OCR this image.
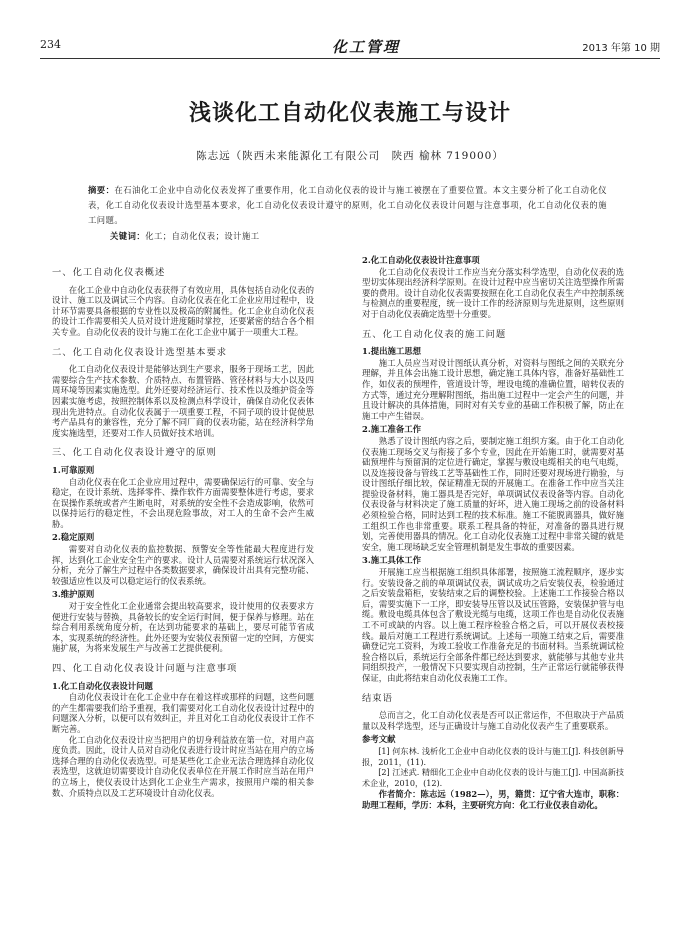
234	化工管理	2013 年第 10 期
浅谈化工自动化仪表施工与设计
陈志远（陕西未来能源化工有限公司　陕西 榆林 719000）
摘要：在石油化工企业中自动化仪表发挥了重要作用，化工自动化仪表的设计与施工被摆在了重要位置。本文主要分析了化工自动化仪表，化工自动化仪表设计选型基本要求，化工自动化仪表设计遵守的原则，化工自动化仪表设计问题与注意事项，化工自动化仪表的施工问题。
关键词：化工；自动化仪表；设计施工
一、化工自动化仪表概述

在化工企业中自动化仪表获得了有效应用，具体包括自动化仪表的设计、施工以及调试三个内容。自动化仪表在化工企业应用过程中，设计环节需要具备根据的专业性以及极高的附属性。化工企业自动化仪表的设计工作需要相关人员对设计进度随时掌控，还要紧密的结合各个相关专业。自动化仪表的设计与施工在化工企业中属于一项重大工程。

二、化工自动化仪表设计选型基本要求

化工自动化仪表设计是能够达到生产要求，服务于现场工艺，因此需要综合生产技术参数、介质特点、布置管路、管径材料与大小以及四周环境等因素实施选型。此外还要对经济运行、技术性以及维护资金等因素实施考虑，按照控制体系以及检测点科学设计，确保自动化仪表体现出先进特点。自动化仪表属于一项重要工程，不同子项的设计促使思考产品具有的兼容性，充分了解不同厂商的仪表功能，站在经济科学角度实施选型，还要对工作人员做好技术培训。

三、化工自动化仪表设计遵守的原则
1.可靠原则

自动化仪表在化工企业应用过程中，需要确保运行的可靠、安全与稳定，在设计系统、选择零件、操作软件方面需要整体进行考虑，要求在误操作系统或者产生断电时，对系统的安全性不会造成影响，依然可以保持运行的稳定性，不会出现危险事故，对工人的生命不会产生威胁。

2.稳定原则

需要对自动化仪表的监控数据、预警安全等性能最大程度进行发挥，达到化工企业安全生产的要求。设计人员需要对系统运行状况深入分析，充分了解生产过程中各类数据要求，确保设计出具有完整功能、较强适应性以及可以稳定运行的仪表系统。

3.维护原则

对于安全性化工企业通常会提出较高要求，设计使用的仪表要求方便进行安装与替换，具备较长的安全运行时间，便于保养与修理。站在综合利用系统角度分析，在达到功能要求的基础上，要尽可能节省成本，实现系统的经济性。此外还要为安装仪表预留一定的空间，方便实施扩展，为将来发展生产与改善工艺提供便利。

四、化工自动化仪表设计问题与注意事项
1.化工自动化仪表设计问题

自动化仪表设计在化工企业中存在着这样或那样的问题，这些问题的产生都需要我们给予重视，我们需要对化工自动化仪表设计过程中的问题深入分析，以便可以有效纠正，并且对化工自动化仪表设计工作不断完善。

化工自动化仪表设计应当把用户的切身利益放在第一位，对用户高度负责。因此，设计人员对自动化仪表进行设计时应当站在用户的立场选择合理的自动化仪表选型。可是某些化工企业无法合理选择自动化仪表选型，这就迫切需要设计自动化仪表单位在开展工作时应当站在用户的立场上，使仪表设计达到化工企业生产需求，按照用户端的相关参数、介质特点以及工艺环境设计自动化仪表。

2.化工自动化仪表设计注意事项

化工自动化仪表设计工作应当充分落实科学选型，自动化仪表的选型切实体现出经济科学原则。在设计过程中应当密切关注选型操作所需要的费用。设计自动化仪表需要按照在化工自动化仪表生产中控制系统与检测点的重要程度，统一设计工作的经济原则与先进原则，这些原则对于自动化仪表确定选型十分重要。

五、化工自动化仪表的施工问题
1.提出施工思想

施工人员应当对设计图纸认真分析，对资料与图纸之间的关联充分理解，并且体会出施工设计思想，确定施工具体内容，准备好基础性工作，如仪表的预埋件，管道设计等，埋设电缆的准确位置，暗转仪表的方式等，通过充分理解附图纸，指出施工过程中一定会产生的问题，并且设计解决的具体措施，同时对有关专业的基础工作积极了解，防止在施工中产生错误。

2.施工准备工作

熟悉了设计图纸内容之后，要制定施工组织方案。由于化工自动化仪表施工现场交叉与衔接了多个专业，因此在开始施工时，就需要对基础预埋件与预留洞的定位进行确定，掌握与敷设电缆相关的电气电缆，以及连接设备与管线工艺等基础性工作，同时还要对现场进行勘验，与设计图纸仔细比较，保证精准无误的开展施工。在准备工作中应当关注提验设备材料，施工器具是否完好，单项调试仪表设备等内容。自动化仪表设备与材料决定了施工质量的好坏，进入施工现场之前的设备材料必须检验合格，同时达到工程的技术标准。施工不能脱离器具，做好施工组织工作也非常重要。联系工程具备的特征，对准备的器具进行规划，完善使用器具的情况。化工自动化仪表施工过程中非常关键的就是安全，施工现场缺乏安全管理机制是发生事故的重要因素。

3.施工具体工作

开展施工应当根据施工组织具体部署，按照施工流程顺序，逐步实行。安装设备之前的单项调试仪表，调试成功之后安装仪表，检验通过之后安装盘箱柜，安装结束之后的调整校验。上述施工工作接验合格以后，需要实施下一工序，即安装导压管以及试压管路，安装保护管与电缆。敷设电缆具体包含了敷设光缆与电缆，这项工作也是自动化仪表施工不可或缺的内容。以上施工程序检验合格之后，可以开展仪表校接线。最后对施工工程进行系统调试。上述每一项施工结束之后，需要准确登记完工资料，为竣工验收工作准备充足的书面材料。当系统调试检验合格以后，系统运行全部条件都已经达到要求，就能够与其他专业共同组织投产，一般情况下只要实现自动控制，生产正常运行就能够获得保证，由此将结束自动化仪表施工工作。

结束语

总而言之，化工自动化仪表是否可以正常运作，不但取决于产品质量以及科学选型，还与正确设计与施工自动化仪表产生了重要联系。

参考文献

[1] 何东林. 浅析化工企业中自动化仪表的设计与施工[J]. 科技创新导报，2011，(11).

[2] 江述武. 精细化工企业中自动化仪表的设计与施工[J]. 中国高新技术企业，2010，(12).

作者简介：陈志远（1982—），男，籍贯：辽宁省大连市，职称：助理工程师，学历：本科，主要研究方向：化工行业仪表自动化。
